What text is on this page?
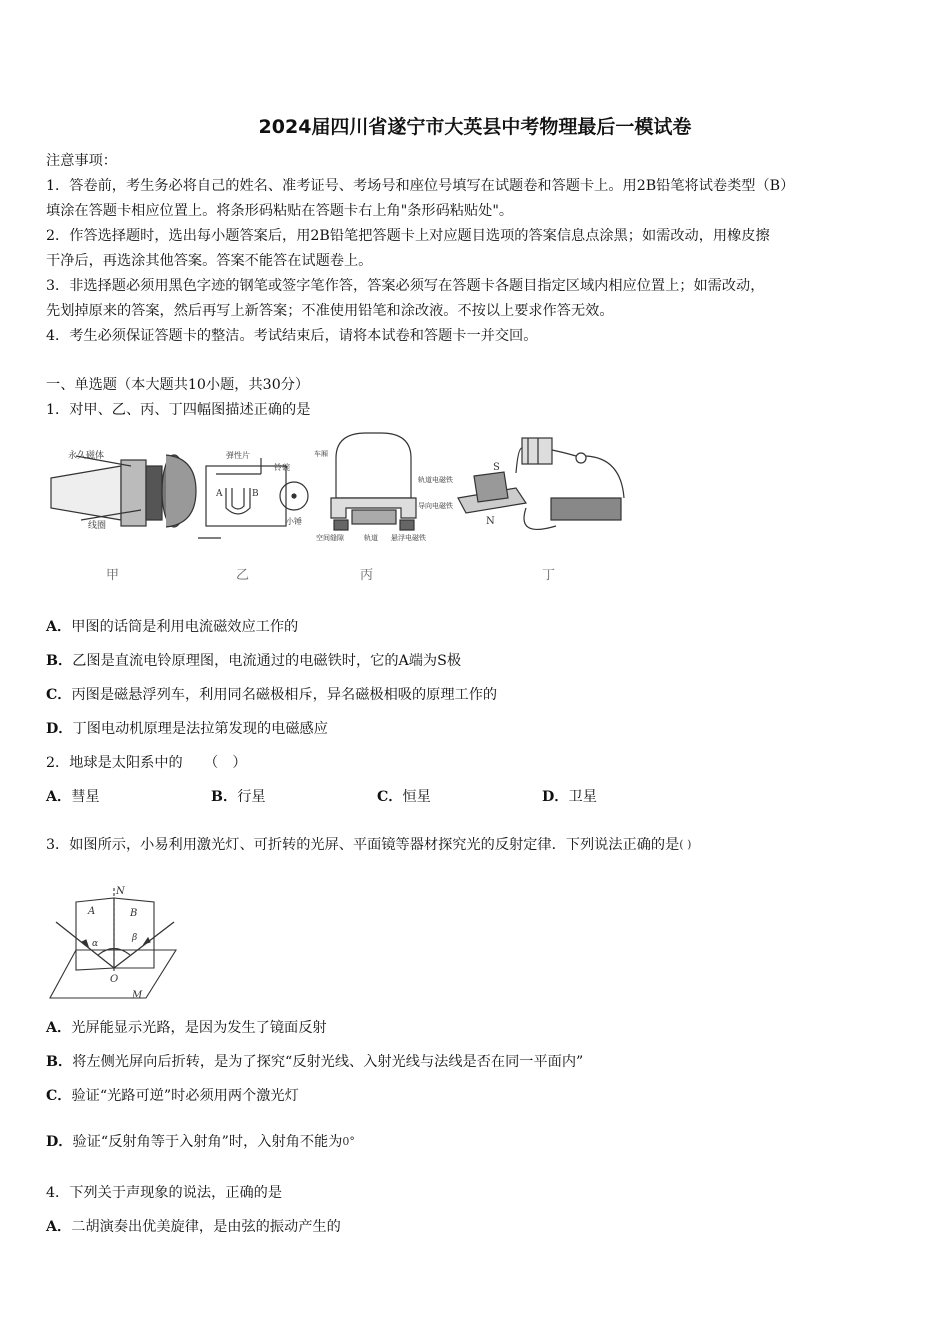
2024届四川省遂宁市大英县中考物理最后一模试卷
注意事项：
1．答卷前，考生务必将自己的姓名、准考证号、考场号和座位号填写在试题卷和答题卡上。用2B铅笔将试卷类型（B）
填涂在答题卡相应位置上。将条形码粘贴在答题卡右上角"条形码粘贴处"。
2．作答选择题时，选出每小题答案后，用2B铅笔把答题卡上对应题目选项的答案信息点涂黑；如需改动，用橡皮擦
干净后，再选涂其他答案。答案不能答在试题卷上。
3．非选择题必须用黑色字迹的钢笔或签字笔作答，答案必须写在答题卡各题目指定区域内相应位置上；如需改动，
先划掉原来的答案，然后再写上新答案；不准使用铅笔和涂改液。不按以上要求作答无效。
4．考生必须保证答题卡的整洁。考试结束后，请将本试卷和答题卡一并交回。
一、单选题（本大题共10小题，共30分）
1．对甲、乙、丙、丁四幅图描述正确的是
永久磁体
线圈
弹性片
铃碗
小锤
A	B
车厢
轨道电磁铁
导向电磁铁
空间缝隙	轨道 悬浮电磁铁
S
N
甲	乙	丙	丁
A．甲图的话筒是利用电流磁效应工作的
B．乙图是直流电铃原理图，电流通过的电磁铁时，它的A端为S极
C．丙图是磁悬浮列车，利用同名磁极相斥，异名磁极相吸的原理工作的
D．丁图电动机原理是法拉第发现的电磁感应
2．地球是太阳系中的　　（　）
A．彗星	B．行星	C．恒星	D．卫星
3．如图所示，小易利用激光灯、可折转的光屏、平面镜等器材探究光的反射定律．下列说法正确的是( )
N
A	B
O
M
α
β
A．光屏能显示光路，是因为发生了镜面反射
B．将左侧光屏向后折转，是为了探究“反射光线、入射光线与法线是否在同一平面内”
C．验证“光路可逆”时必须用两个激光灯
D．验证“反射角等于入射角”时，入射角不能为$^{0^\circ}$
4．下列关于声现象的说法，正确的是
A．二胡演奏出优美旋律，是由弦的振动产生的
